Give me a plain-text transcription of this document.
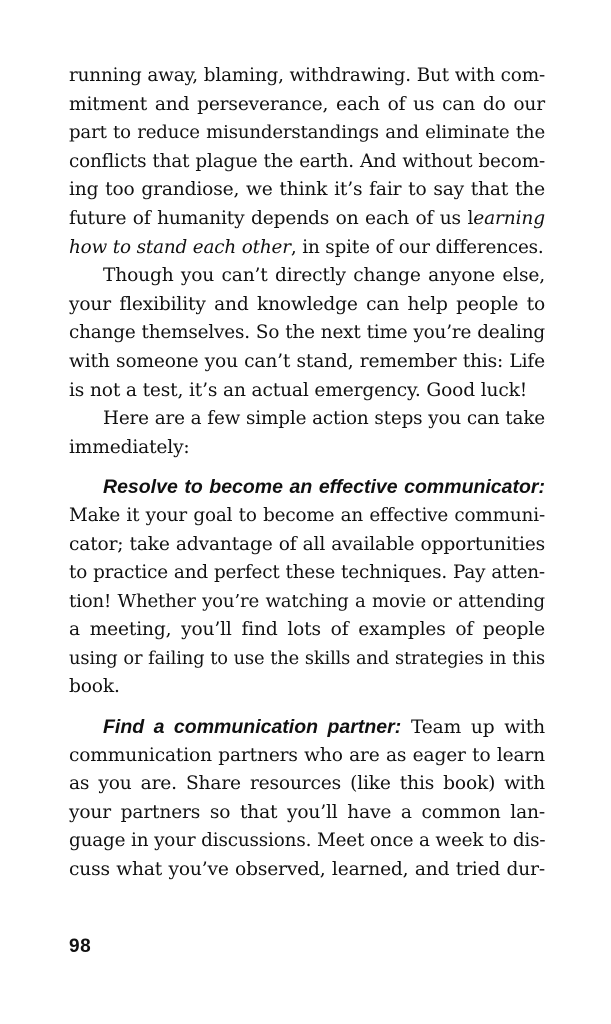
running away, blaming, withdrawing. But with com-
mitment and perseverance, each of us can do our
part to reduce misunderstandings and eliminate the
conflicts that plague the earth. And without becom-
ing too grandiose, we think it’s fair to say that the
future of humanity depends on each of us learning
how to stand each other, in spite of our differences.
Though you can’t directly change anyone else,
your flexibility and knowledge can help people to
change themselves. So the next time you’re dealing
with someone you can’t stand, remember this: Life
is not a test, it’s an actual emergency. Good luck!
Here are a few simple action steps you can take
immediately:
Resolve to become an effective communicator:
Make it your goal to become an effective communi-
cator; take advantage of all available opportunities
to practice and perfect these techniques. Pay atten-
tion! Whether you’re watching a movie or attending
a meeting, you’ll find lots of examples of people
using or failing to use the skills and strategies in this
book.
Find a communication partner: Team up with
communication partners who are as eager to learn
as you are. Share resources (like this book) with
your partners so that you’ll have a common lan-
guage in your discussions. Meet once a week to dis-
cuss what you’ve observed, learned, and tried dur-
98
